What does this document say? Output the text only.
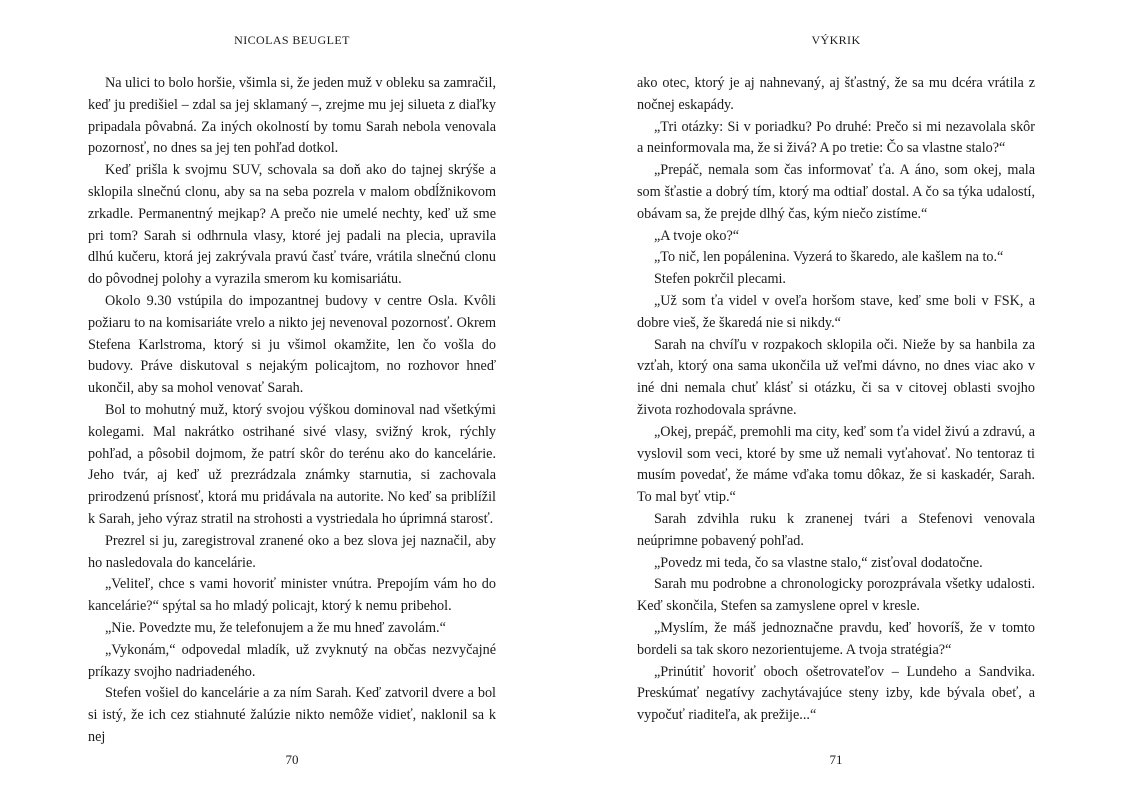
NICOLAS BEUGLET

Na ulici to bolo horšie, všimla si, že jeden muž v obleku sa zamračil, keď ju predišiel – zdal sa jej sklamaný –, zrejme mu jej silueta z diaľky pripadala pôvabná. Za iných okolností by tomu Sarah nebola venovala pozornosť, no dnes sa jej ten pohľad dotkol.

Keď prišla k svojmu SUV, schovala sa doň ako do tajnej skrýše a sklopila slnečnú clonu, aby sa na seba pozrela v malom obdĺžnikovom zrkadle. Permanentný mejkap? A prečo nie umelé nechty, keď už sme pri tom? Sarah si odhrnula vlasy, ktoré jej padali na plecia, upravila dlhú kučeru, ktorá jej zakrývala pravú časť tváre, vrátila slnečnú clonu do pôvodnej polohy a vyrazila smerom ku komisariátu.

Okolo 9.30 vstúpila do impozantnej budovy v centre Osla. Kvôli požiaru to na komisariáte vrelo a nikto jej nevenoval pozornosť. Okrem Stefena Karlstroma, ktorý si ju všimol okamžite, len čo vošla do budovy. Práve diskutoval s nejakým policajtom, no rozhovor hneď ukončil, aby sa mohol venovať Sarah.

Bol to mohutný muž, ktorý svojou výškou dominoval nad všetkými kolegami. Mal nakrátko ostrihané sivé vlasy, svižný krok, rýchly pohľad, a pôsobil dojmom, že patrí skôr do terénu ako do kancelárie. Jeho tvár, aj keď už prezrádzala známky starnutia, si zachovala prirodzenú prísnosť, ktorá mu pridávala na autorite. No keď sa priblížil k Sarah, jeho výraz stratil na strohosti a vystriedala ho úprimná starosť.

Prezrel si ju, zaregistroval zranené oko a bez slova jej naznačil, aby ho nasledovala do kancelárie.

„Veliteľ, chce s vami hovoriť minister vnútra. Prepojím vám ho do kancelárie?“ spýtal sa ho mladý policajt, ktorý k nemu pribehol.

„Nie. Povedzte mu, že telefonujem a že mu hneď zavolám.“

„Vykonám,“ odpovedal mladík, už zvyknutý na občas nezvyčajné príkazy svojho nadriadeného.

Stefen vošiel do kancelárie a za ním Sarah. Keď zatvoril dvere a bol si istý, že ich cez stiahnuté žalúzie nikto nemôže vidieť, naklonil sa k nej

70
VÝKRIK

ako otec, ktorý je aj nahnevaný, aj šťastný, že sa mu dcéra vrátila z nočnej eskapády.

„Tri otázky: Si v poriadku? Po druhé: Prečo si mi nezavolala skôr a neinformovala ma, že si živá? A po tretie: Čo sa vlastne stalo?“

„Prepáč, nemala som čas informovať ťa. A áno, som okej, mala som šťastie a dobrý tím, ktorý ma odtiaľ dostal. A čo sa týka udalostí, obávam sa, že prejde dlhý čas, kým niečo zistíme.“

„A tvoje oko?“

„To nič, len popálenina. Vyzerá to škaredo, ale kašlem na to.“

Stefen pokrčil plecami.

„Už som ťa videl v oveľa horšom stave, keď sme boli v FSK, a dobre vieš, že škaredá nie si nikdy.“

Sarah na chvíľu v rozpakoch sklopila oči. Nieže by sa hanbila za vzťah, ktorý ona sama ukončila už veľmi dávno, no dnes viac ako v iné dni nemala chuť klásť si otázku, či sa v citovej oblasti svojho života rozhodovala správne.

„Okej, prepáč, premohli ma city, keď som ťa videl živú a zdravú, a vyslovil som veci, ktoré by sme už nemali vyťahovať. No tentoraz ti musím povedať, že máme vďaka tomu dôkaz, že si kaskadér, Sarah. To mal byť vtip.“

Sarah zdvihla ruku k zranenej tvári a Stefenovi venovala neúprimne pobavený pohľad.

„Povedz mi teda, čo sa vlastne stalo,“ zisťoval dodatočne.

Sarah mu podrobne a chronologicky porozprávala všetky udalosti. Keď skončila, Stefen sa zamyslene oprel v kresle.

„Myslím, že máš jednoznačne pravdu, keď hovoríš, že v tomto bordeli sa tak skoro nezorientujeme. A tvoja stratégia?“

„Prinútiť hovoriť oboch ošetrovateľov – Lundeho a Sandvika. Preskúmať negatívy zachytávajúce steny izby, kde bývala obeť, a vypočuť riaditeľa, ak prežije...“

71
